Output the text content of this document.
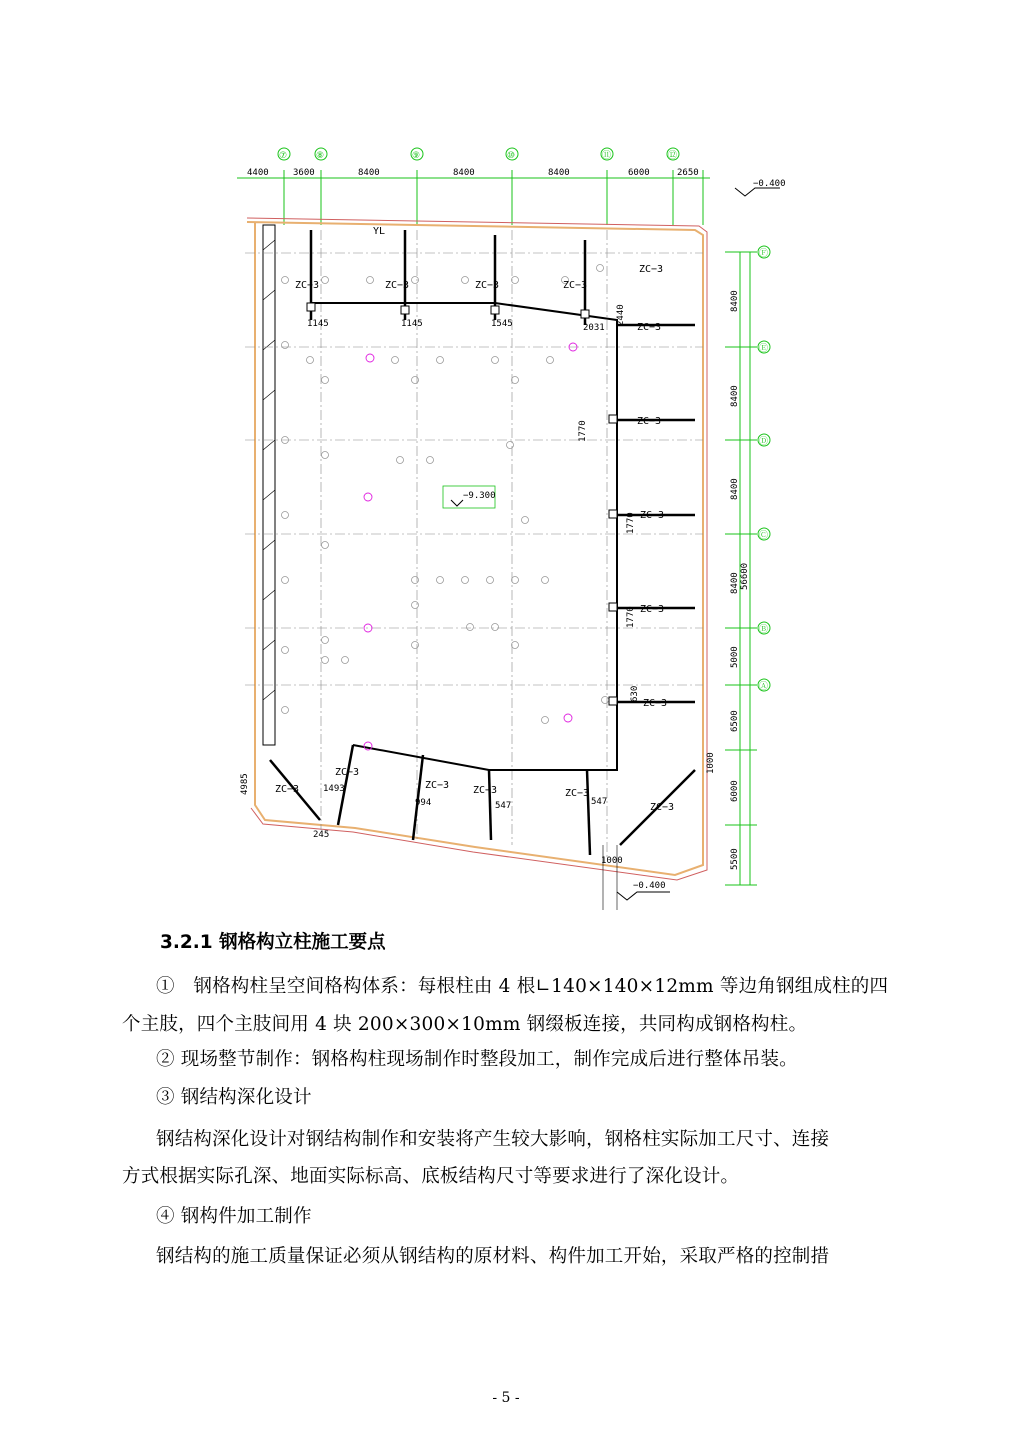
⑦	⑧	⑨	⑩	⑪	⑫
4400	3600	8400	8400	8400	6000	2650
−0.400
−9.300
YL
ZC−3	ZC−3	ZC−3	ZC−3
ZC−3
ZC−3
ZC−3
ZC−3
ZC−3
ZC−3
ZC−3
ZC−3 ZC−3	ZC−3
ZC−3
ZC−3
1145	1145	1545	2031
2440
1770
1770
1770
630
1493
994	547	547
1000
1000
4985
245
−0.400
Ⓕ
Ⓔ
Ⓓ
Ⓒ
Ⓑ
Ⓐ
8400
8400
8400
8400
5000
6500
6000
5500
56600
3.2.1 钢格构立柱施工要点
①　钢格构柱呈空间格构体系：每根柱由 4 根∟140×140×12mm 等边角钢组成柱的四
个主肢，四个主肢间用 4 块 200×300×10mm 钢缀板连接，共同构成钢格构柱。
② 现场整节制作：钢格构柱现场制作时整段加工，制作完成后进行整体吊装。
③ 钢结构深化设计
钢结构深化设计对钢结构制作和安装将产生较大影响，钢格柱实际加工尺寸、连接
方式根据实际孔深、地面实际标高、底板结构尺寸等要求进行了深化设计。
④ 钢构件加工制作
钢结构的施工质量保证必须从钢结构的原材料、构件加工开始，采取严格的控制措
- 5 -
